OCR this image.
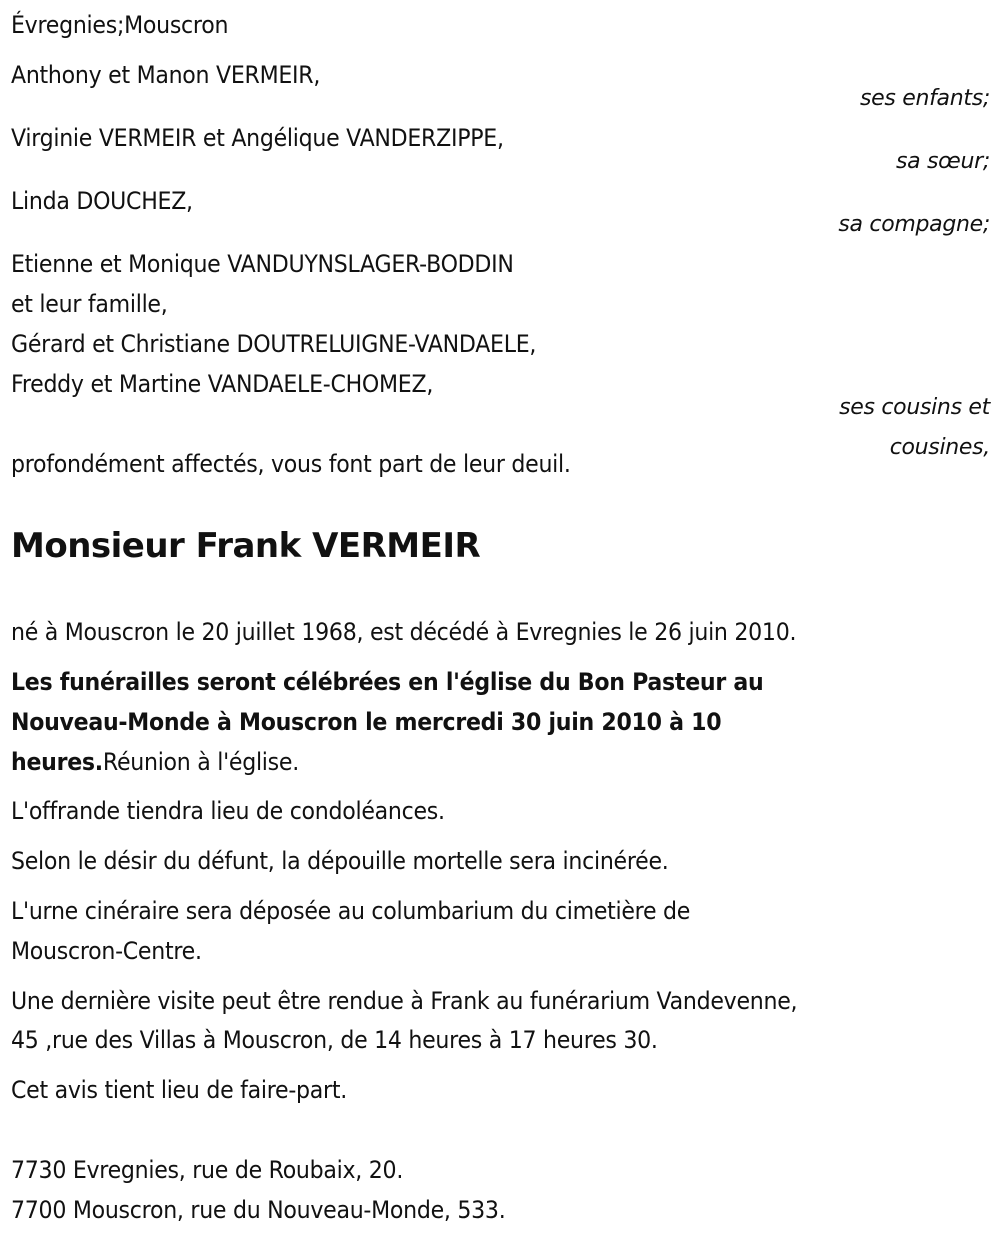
Évregnies;Mouscron
Anthony et Manon VERMEIR,
ses enfants;
Virginie VERMEIR et Angélique VANDERZIPPE,
sa sœur;
Linda DOUCHEZ,
sa compagne;
Etienne et Monique VANDUYNSLAGER-BODDIN
et leur famille,
Gérard et Christiane DOUTRELUIGNE-VANDAELE,
Freddy et Martine VANDAELE-CHOMEZ,
ses cousins et
cousines,
profondément affectés, vous font part de leur deuil.
Monsieur Frank VERMEIR
né à Mouscron le 20 juillet 1968, est décédé à Evregnies le 26 juin 2010.
Les funérailles seront célébrées en l'église du Bon Pasteur au
Nouveau-Monde à Mouscron le mercredi 30 juin 2010 à 10
heures.Réunion à l'église.
L'offrande tiendra lieu de condoléances.
Selon le désir du défunt, la dépouille mortelle sera incinérée.
L'urne cinéraire sera déposée au columbarium du cimetière de
Mouscron-Centre.
Une dernière visite peut être rendue à Frank au funérarium Vandevenne,
45 ,rue des Villas à Mouscron, de 14 heures à 17 heures 30.
Cet avis tient lieu de faire-part.
7730 Evregnies, rue de Roubaix, 20.
7700 Mouscron, rue du Nouveau-Monde, 533.
